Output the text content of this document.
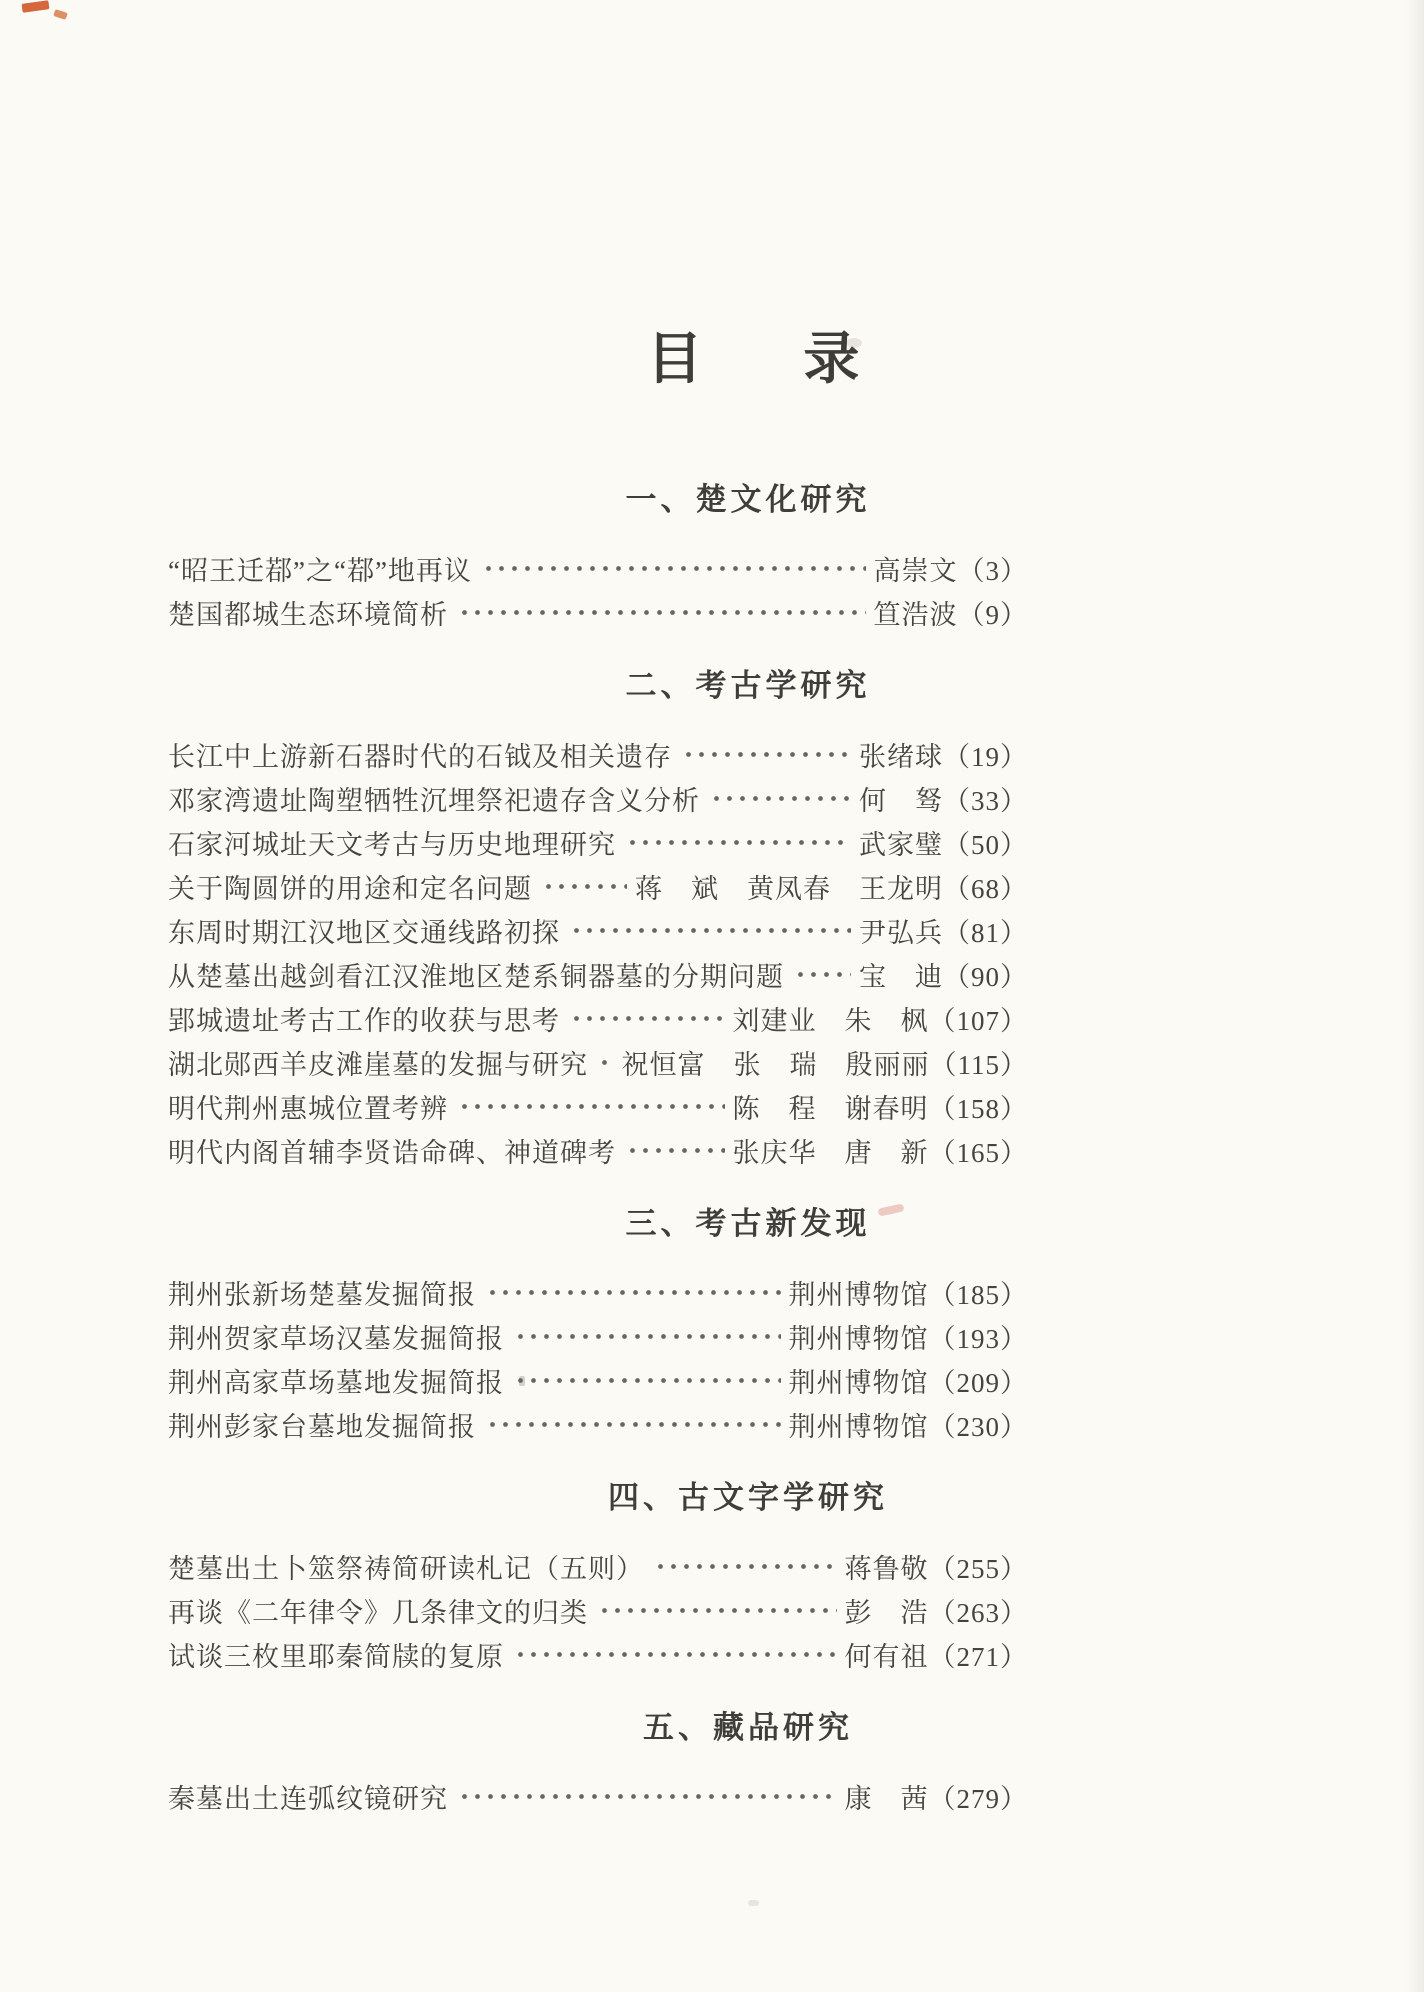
目录
一、楚文化研究
“昭王迁鄀”之“鄀”地再议	高崇文 （3）
楚国都城生态环境简析	笪浩波 （9）
二、考古学研究
长江中上游新石器时代的石钺及相关遗存	张绪球 （19）
邓家湾遗址陶塑牺牲沉埋祭祀遗存含义分析	何　驽 （33）
石家河城址天文考古与历史地理研究	武家璧 （50）
关于陶圆饼的用途和定名问题	蒋　斌　黄凤春　王龙明 （68）
东周时期江汉地区交通线路初探	尹弘兵 （81）
从楚墓出越剑看江汉淮地区楚系铜器墓的分期问题	宝　迪 （90）
郢城遗址考古工作的收获与思考	刘建业　朱　枫 （107）
湖北郧西羊皮滩崖墓的发掘与研究 祝恒富　张　瑞　殷丽丽 （115）
明代荆州惠城位置考辨	陈　程　谢春明 （158）
明代内阁首辅李贤诰命碑、神道碑考	张庆华　唐　新 （165）
三、考古新发现
荆州张新场楚墓发掘简报	荆州博物馆 （185）
荆州贺家草场汉墓发掘简报	荆州博物馆 （193）
荆州高家草场墓地发掘简报	荆州博物馆 （209）
荆州彭家台墓地发掘简报	荆州博物馆 （230）
四、古文字学研究
楚墓出土卜筮祭祷简研读札记（五则）	蒋鲁敬 （255）
再谈《二年律令》几条律文的归类	彭　浩 （263）
试谈三枚里耶秦简牍的复原	何有祖 （271）
五、藏品研究
秦墓出土连弧纹镜研究	康　茜 （279）
